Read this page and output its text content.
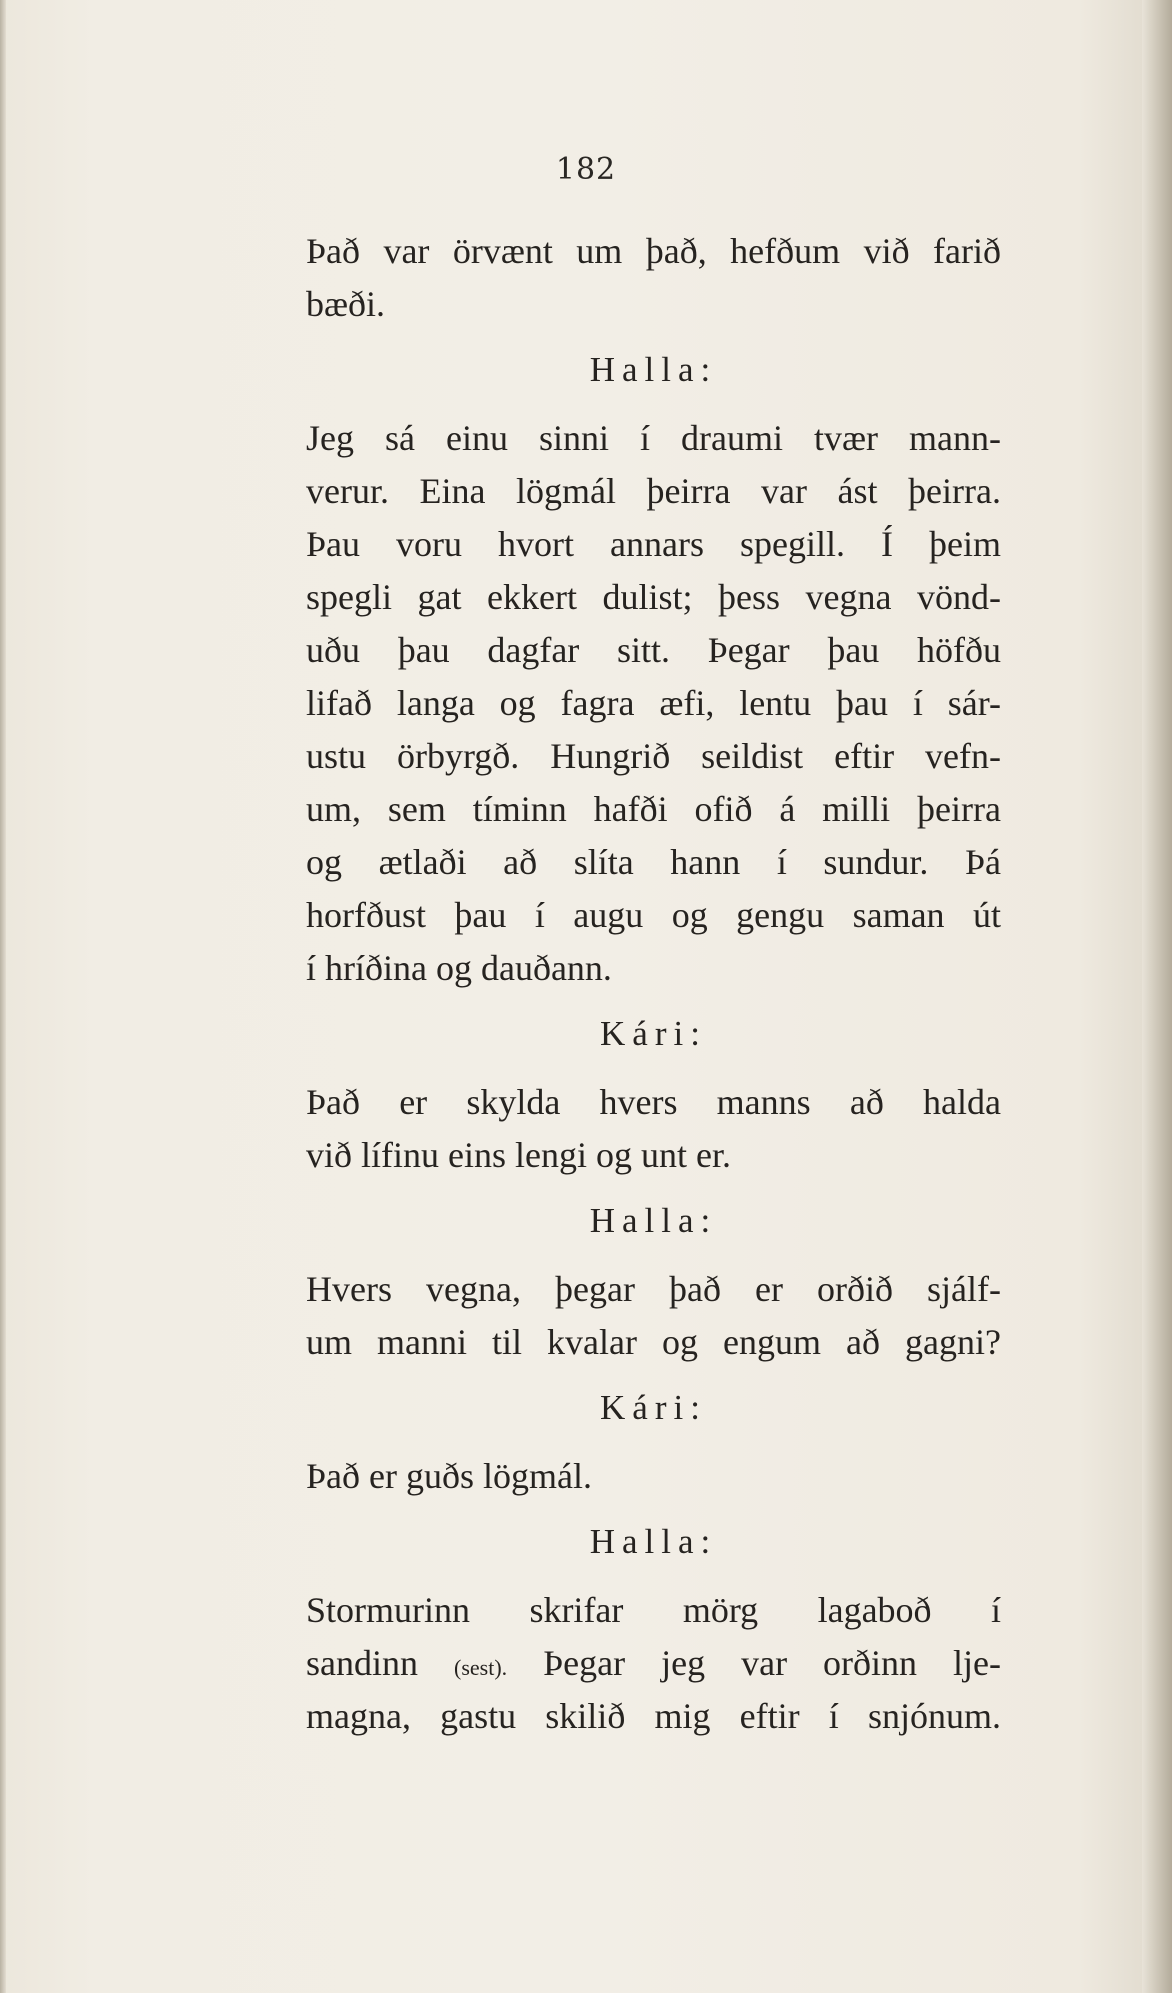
182
Það var örvænt um það, hefðum við farið
bæði.
Halla:
Jeg sá einu sinni í draumi tvær mann-
verur. Eina lögmál þeirra var ást þeirra.
Þau voru hvort annars spegill. Í þeim
spegli gat ekkert dulist; þess vegna vönd-
uðu þau dagfar sitt. Þegar þau höfðu
lifað langa og fagra æfi, lentu þau í sár-
ustu örbyrgð. Hungrið seildist eftir vefn-
um, sem tíminn hafði ofið á milli þeirra
og ætlaði að slíta hann í sundur. Þá
horfðust þau í augu og gengu saman út
í hríðina og dauðann.
Kári:
Það er skylda hvers manns að halda
við lífinu eins lengi og unt er.
Halla:
Hvers vegna, þegar það er orðið sjálf-
um manni til kvalar og engum að gagni?
Kári:
Það er guðs lögmál.
Halla:
Stormurinn skrifar mörg lagaboð í
sandinn (sest). Þegar jeg var orðinn lje-
magna, gastu skilið mig eftir í snjónum.
